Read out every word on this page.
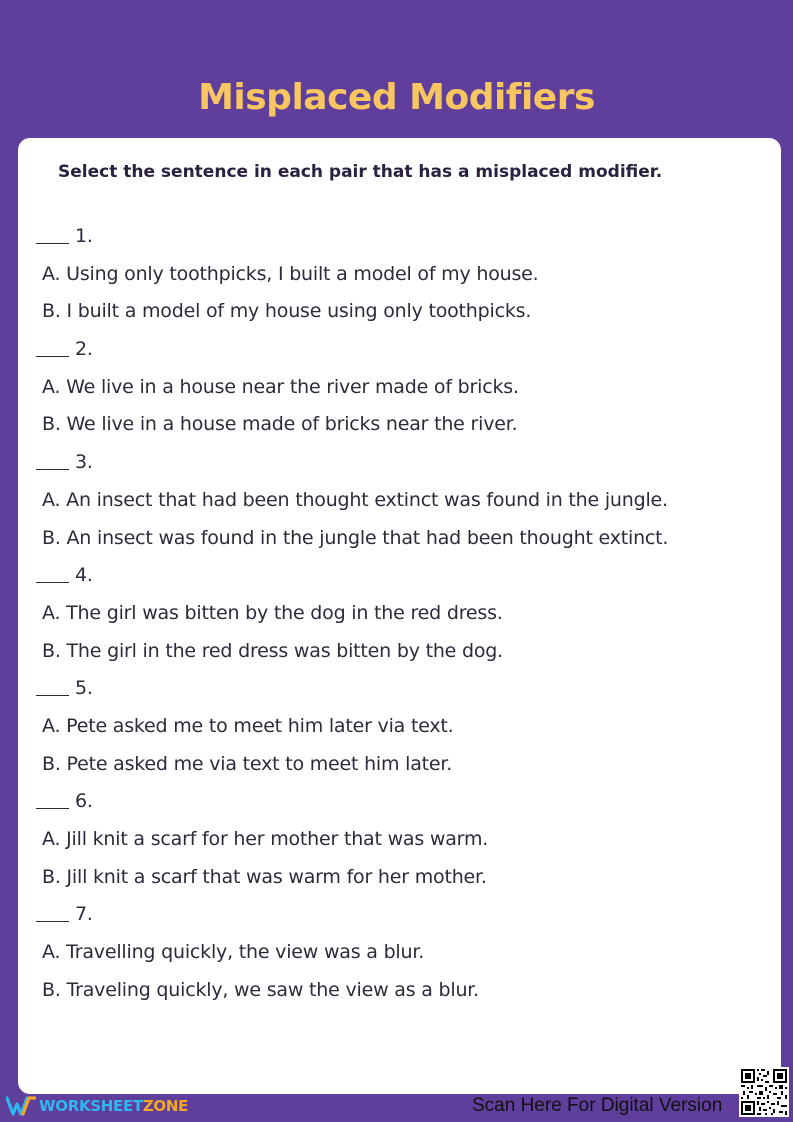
Misplaced Modifiers
Select the sentence in each pair that has a misplaced modifier.
1.
A. Using only toothpicks, I built a model of my house.
B. I built a model of my house using only toothpicks.
2.
A. We live in a house near the river made of bricks.
B. We live in a house made of bricks near the river.
3.
A. An insect that had been thought extinct was found in the jungle.
B. An insect was found in the jungle that had been thought extinct.
4.
A. The girl was bitten by the dog in the red dress.
B. The girl in the red dress was bitten by the dog.
5.
A. Pete asked me to meet him later via text.
B. Pete asked me via text to meet him later.
6.
A. Jill knit a scarf for her mother that was warm.
B. Jill knit a scarf that was warm for her mother.
7.
A. Travelling quickly, the view was a blur.
B. Traveling quickly, we saw the view as a blur.
WORKSHEETZONE	Scan Here For Digital Version
